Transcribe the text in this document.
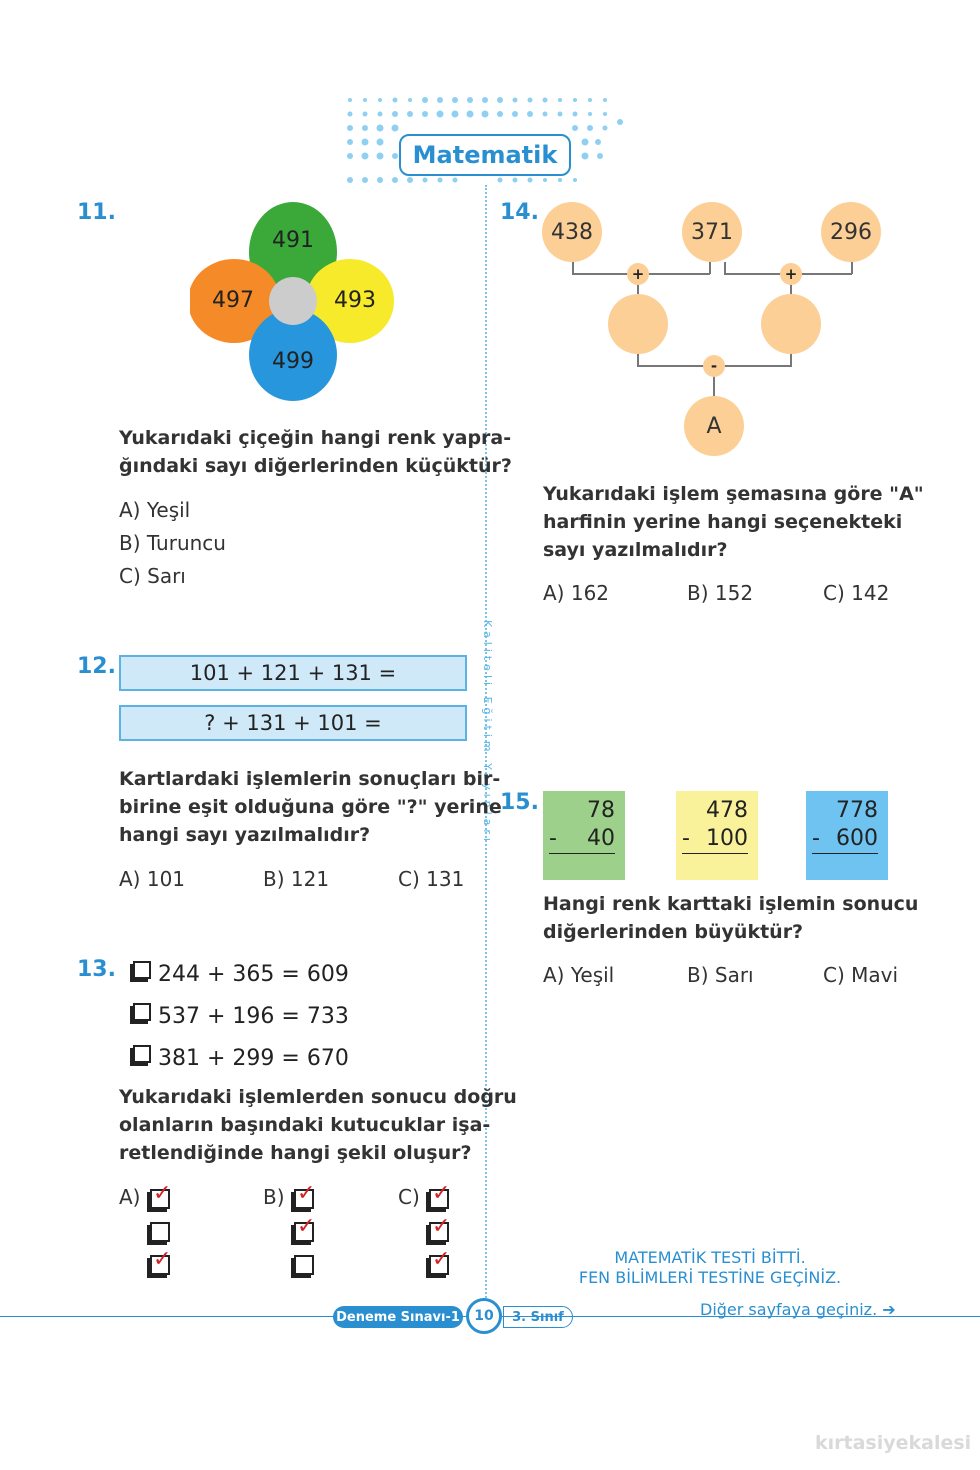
Matematik
Kaliteli Eğitim Yayınları
11.
491
497	493
499
Yukarıdaki çiçeğin hangi renk yapra-
ğındaki sayı diğerlerinden küçüktür?
A) Yeşil
B) Turuncu
C) Sarı
12.	101 + 121 + 131 =
? + 131 + 101 =
Kartlardaki işlemlerin sonuçları bir-
birine eşit olduğuna göre "?" yerine
hangi sayı yazılmalıdır?
A) 101	B) 121	C) 131
13. 244 + 365 = 609
537 + 196 = 733
381 + 299 = 670
Yukarıdaki işlemlerden sonucu doğru
olanların başındaki kutucuklar işa-
retlendiğinde hangi şekil oluşur?
A) ✓
✓
B) ✓
✓
C) ✓
✓
✓
14.
438	371	296
+	+
-
A
Yukarıdaki işlem şemasına göre "A"
harfinin yerine hangi seçenekteki
sayı yazılmalıdır?
A) 162	B) 152	C) 142
15.	78
- 40
478
- 100
778
- 600
Hangi renk karttaki işlemin sonucu
diğerlerinden büyüktür?
A) Yeşil	B) Sarı	C) Mavi
MATEMATİK TESTİ BİTTİ.
FEN BİLİMLERİ TESTİNE GEÇİNİZ.
Deneme Sınavı-1	3. Sınıf
10	Diğer sayfaya geçiniz. ➔
kırtasiyekalesi
